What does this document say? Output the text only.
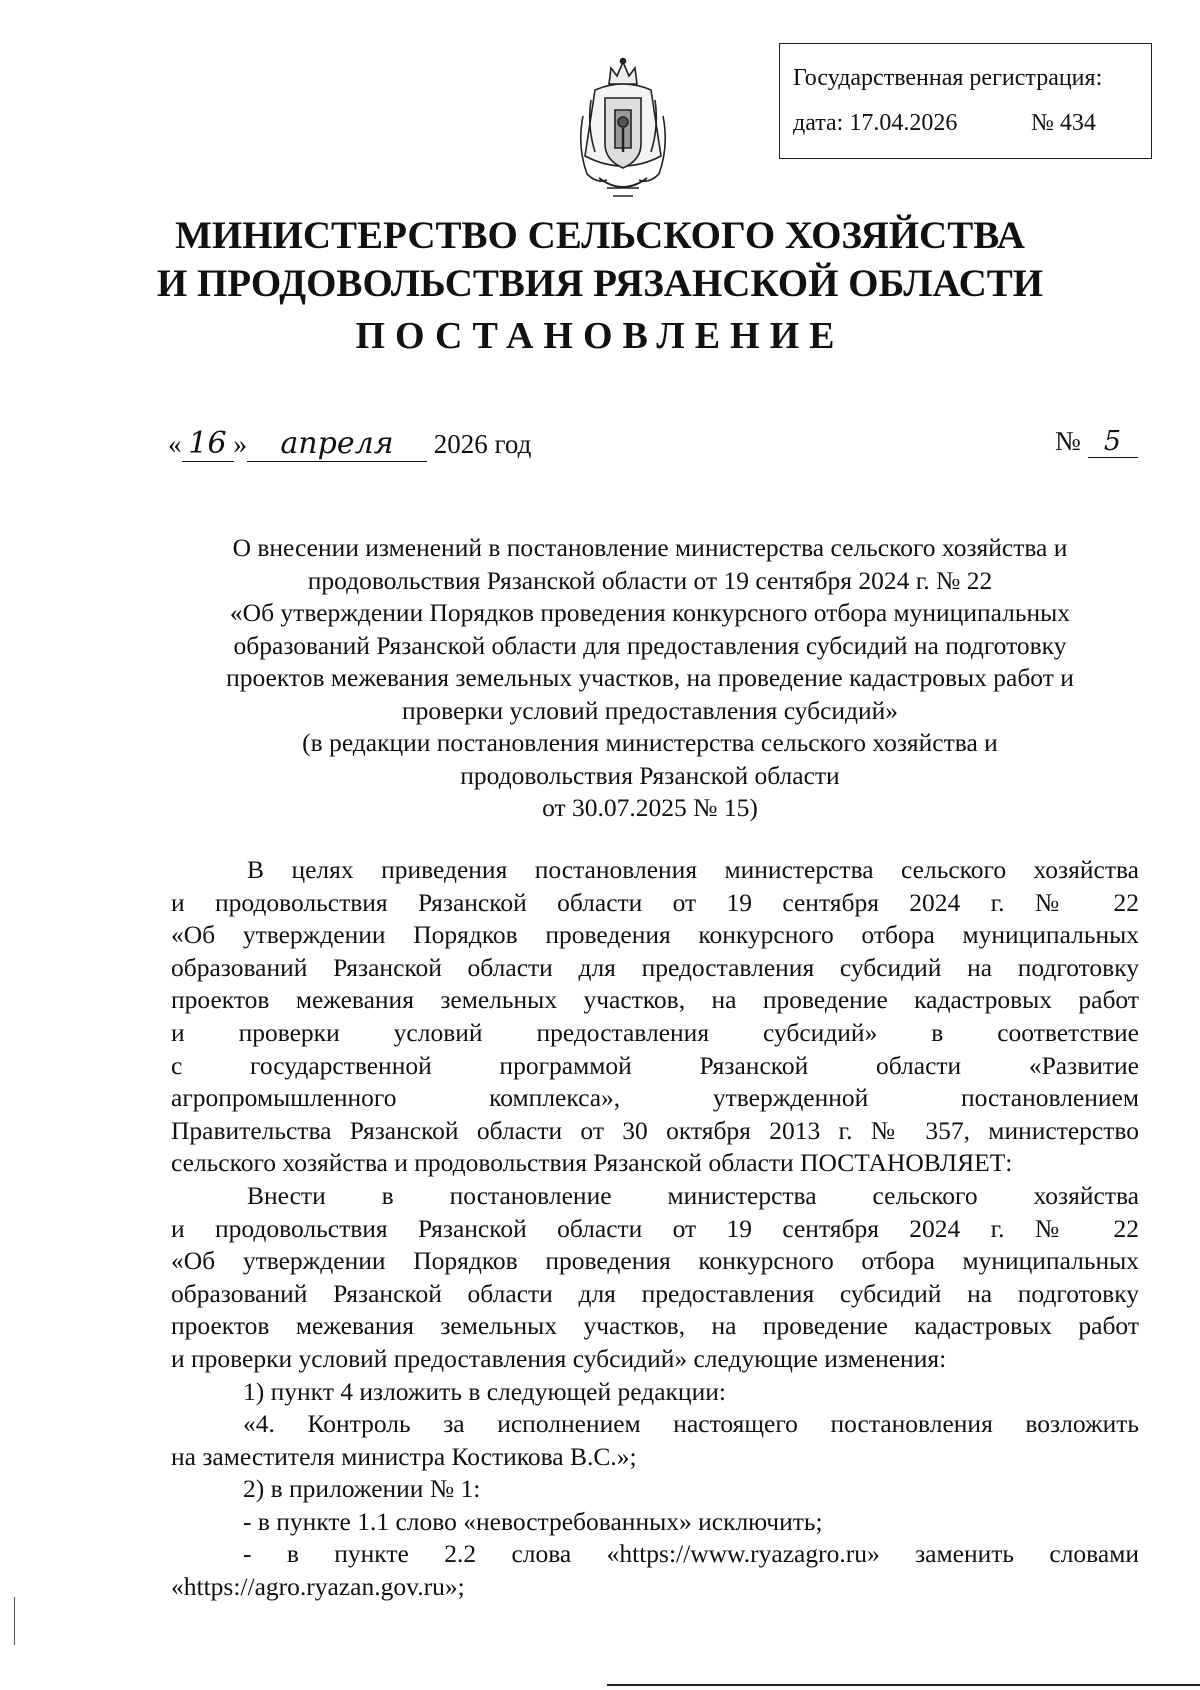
Государственная регистрация:
дата: 17.04.2026	№ 434
МИНИСТЕРСТВО СЕЛЬСКОГО ХОЗЯЙСТВА
И ПРОДОВОЛЬСТВИЯ РЯЗАНСКОЙ ОБЛАСТИ
ПОСТАНОВЛЕНИЕ
« 16 » апреля 2026 год	№ 5
О внесении изменений в постановление министерства сельского хозяйства и
продовольствия Рязанской области от 19 сентября 2024 г. № 22
«Об утверждении Порядков проведения конкурсного отбора муниципальных
образований Рязанской области для предоставления субсидий на подготовку
проектов межевания земельных участков, на проведение кадастровых работ и
проверки условий предоставления субсидий»
(в редакции постановления министерства сельского хозяйства и
продовольствия Рязанской области
от 30.07.2025 № 15)
В целях приведения постановления министерства сельского хозяйства
и продовольствия Рязанской области от 19 сентября 2024 г. № 22
«Об утверждении Порядков проведения конкурсного отбора муниципальных
образований Рязанской области для предоставления субсидий на подготовку
проектов межевания земельных участков, на проведение кадастровых работ
и проверки условий предоставления субсидий» в соответствие
с государственной программой Рязанской области «Развитие
агропромышленного комплекса», утвержденной постановлением
Правительства Рязанской области от 30 октября 2013 г. № 357, министерство
сельского хозяйства и продовольствия Рязанской области ПОСТАНОВЛЯЕТ:
Внести в постановление министерства сельского хозяйства
и продовольствия Рязанской области от 19 сентября 2024 г. № 22
«Об утверждении Порядков проведения конкурсного отбора муниципальных
образований Рязанской области для предоставления субсидий на подготовку
проектов межевания земельных участков, на проведение кадастровых работ
и проверки условий предоставления субсидий» следующие изменения:
1) пункт 4 изложить в следующей редакции:
«4. Контроль за исполнением настоящего постановления возложить
на заместителя министра Костикова В.С.»;
2) в приложении № 1:
- в пункте 1.1 слово «невостребованных» исключить;
- в пункте 2.2 слова «https://www.ryazagro.ru» заменить словами
«https://agro.ryazan.gov.ru»;
